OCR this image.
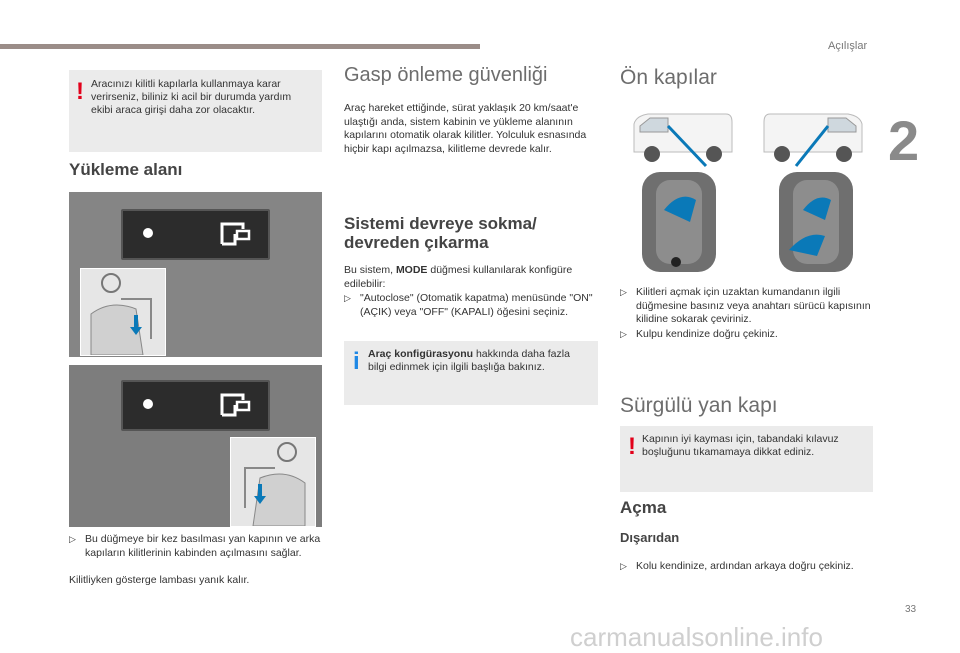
Açılışlar
2
33
carmanualsonline.info
! Aracınızı kilitli kapılarla kullanmaya karar verirseniz, biliniz ki acil bir durumda yardım ekibi araca girişi daha zor olacaktır.
Yükleme alanı
▷ Bu düğmeye bir kez basılması yan kapının ve arka kapıların kilitlerinin kabinden açılmasını sağlar.
Kilitliyken gösterge lambası yanık kalır.
Gasp önleme güvenliği
Araç hareket ettiğinde, sürat yaklaşık 20 km/saat'e ulaştığı anda, sistem kabinin ve yükleme alanının kapılarını otomatik olarak kilitler. Yolculuk esnasında hiçbir kapı açılmazsa, kilitleme devrede kalır.
Sistemi devreye sokma/
devreden çıkarma
Bu sistem, MODE düğmesi kullanılarak konfigüre edilebilir:
▷ "Autoclose" (Otomatik kapatma) menüsünde "ON" (AÇIK) veya "OFF" (KAPALI) öğesini seçiniz.
i Araç konfigürasyonu hakkında daha fazla bilgi edinmek için ilgili başlığa bakınız.
Ön kapılar
▷ Kilitleri açmak için uzaktan kumandanın ilgili düğmesine basınız veya anahtarı sürücü kapısının kilidine sokarak çeviriniz.
▷ Kulpu kendinize doğru çekiniz.
Sürgülü yan kapı
! Kapının iyi kayması için, tabandaki kılavuz boşluğunu tıkamamaya dikkat ediniz.
Açma
Dışarıdan
▷ Kolu kendinize, ardından arkaya doğru çekiniz.
